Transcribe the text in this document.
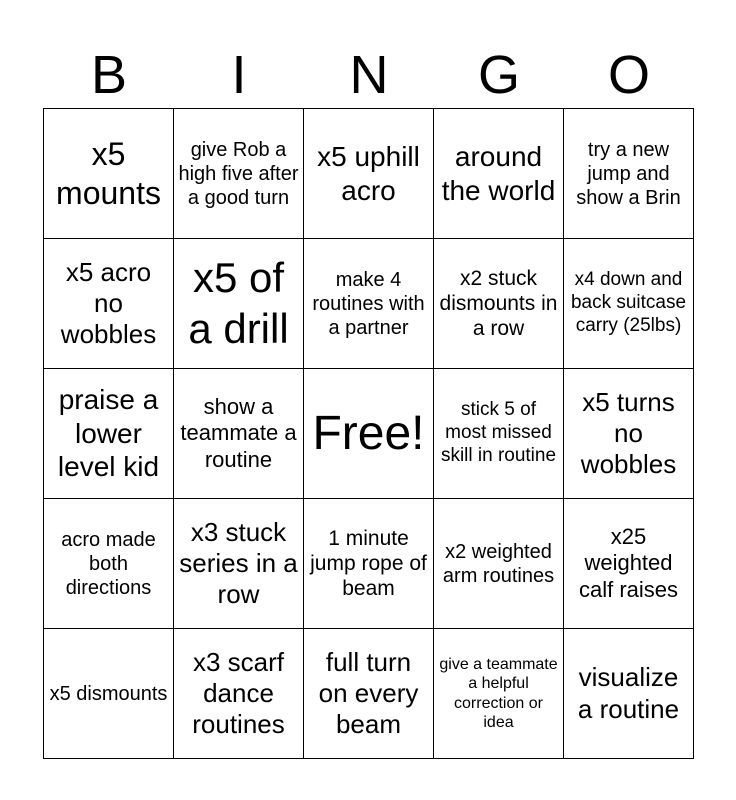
B	I	N	G	O
x5 mounts	give Rob a high five after a good turn	x5 uphill acro	around the world	try a new jump and show a Brin
x5 acro no wobbles	x5 of a drill	make 4 routines with a partner	x2 stuck dismounts in a row	x4 down and back suitcase carry (25lbs)
praise a lower level kid	show a teammate a routine	Free!	stick 5 of most missed skill in routine	x5 turns no wobbles
acro made both directions	x3 stuck series in a row	1 minute jump rope of beam	x2 weighted arm routines	x25 weighted calf raises
x5 dismounts	x3 scarf dance routines	full turn on every beam	give a teammate a helpful correction or idea	visualize a routine
